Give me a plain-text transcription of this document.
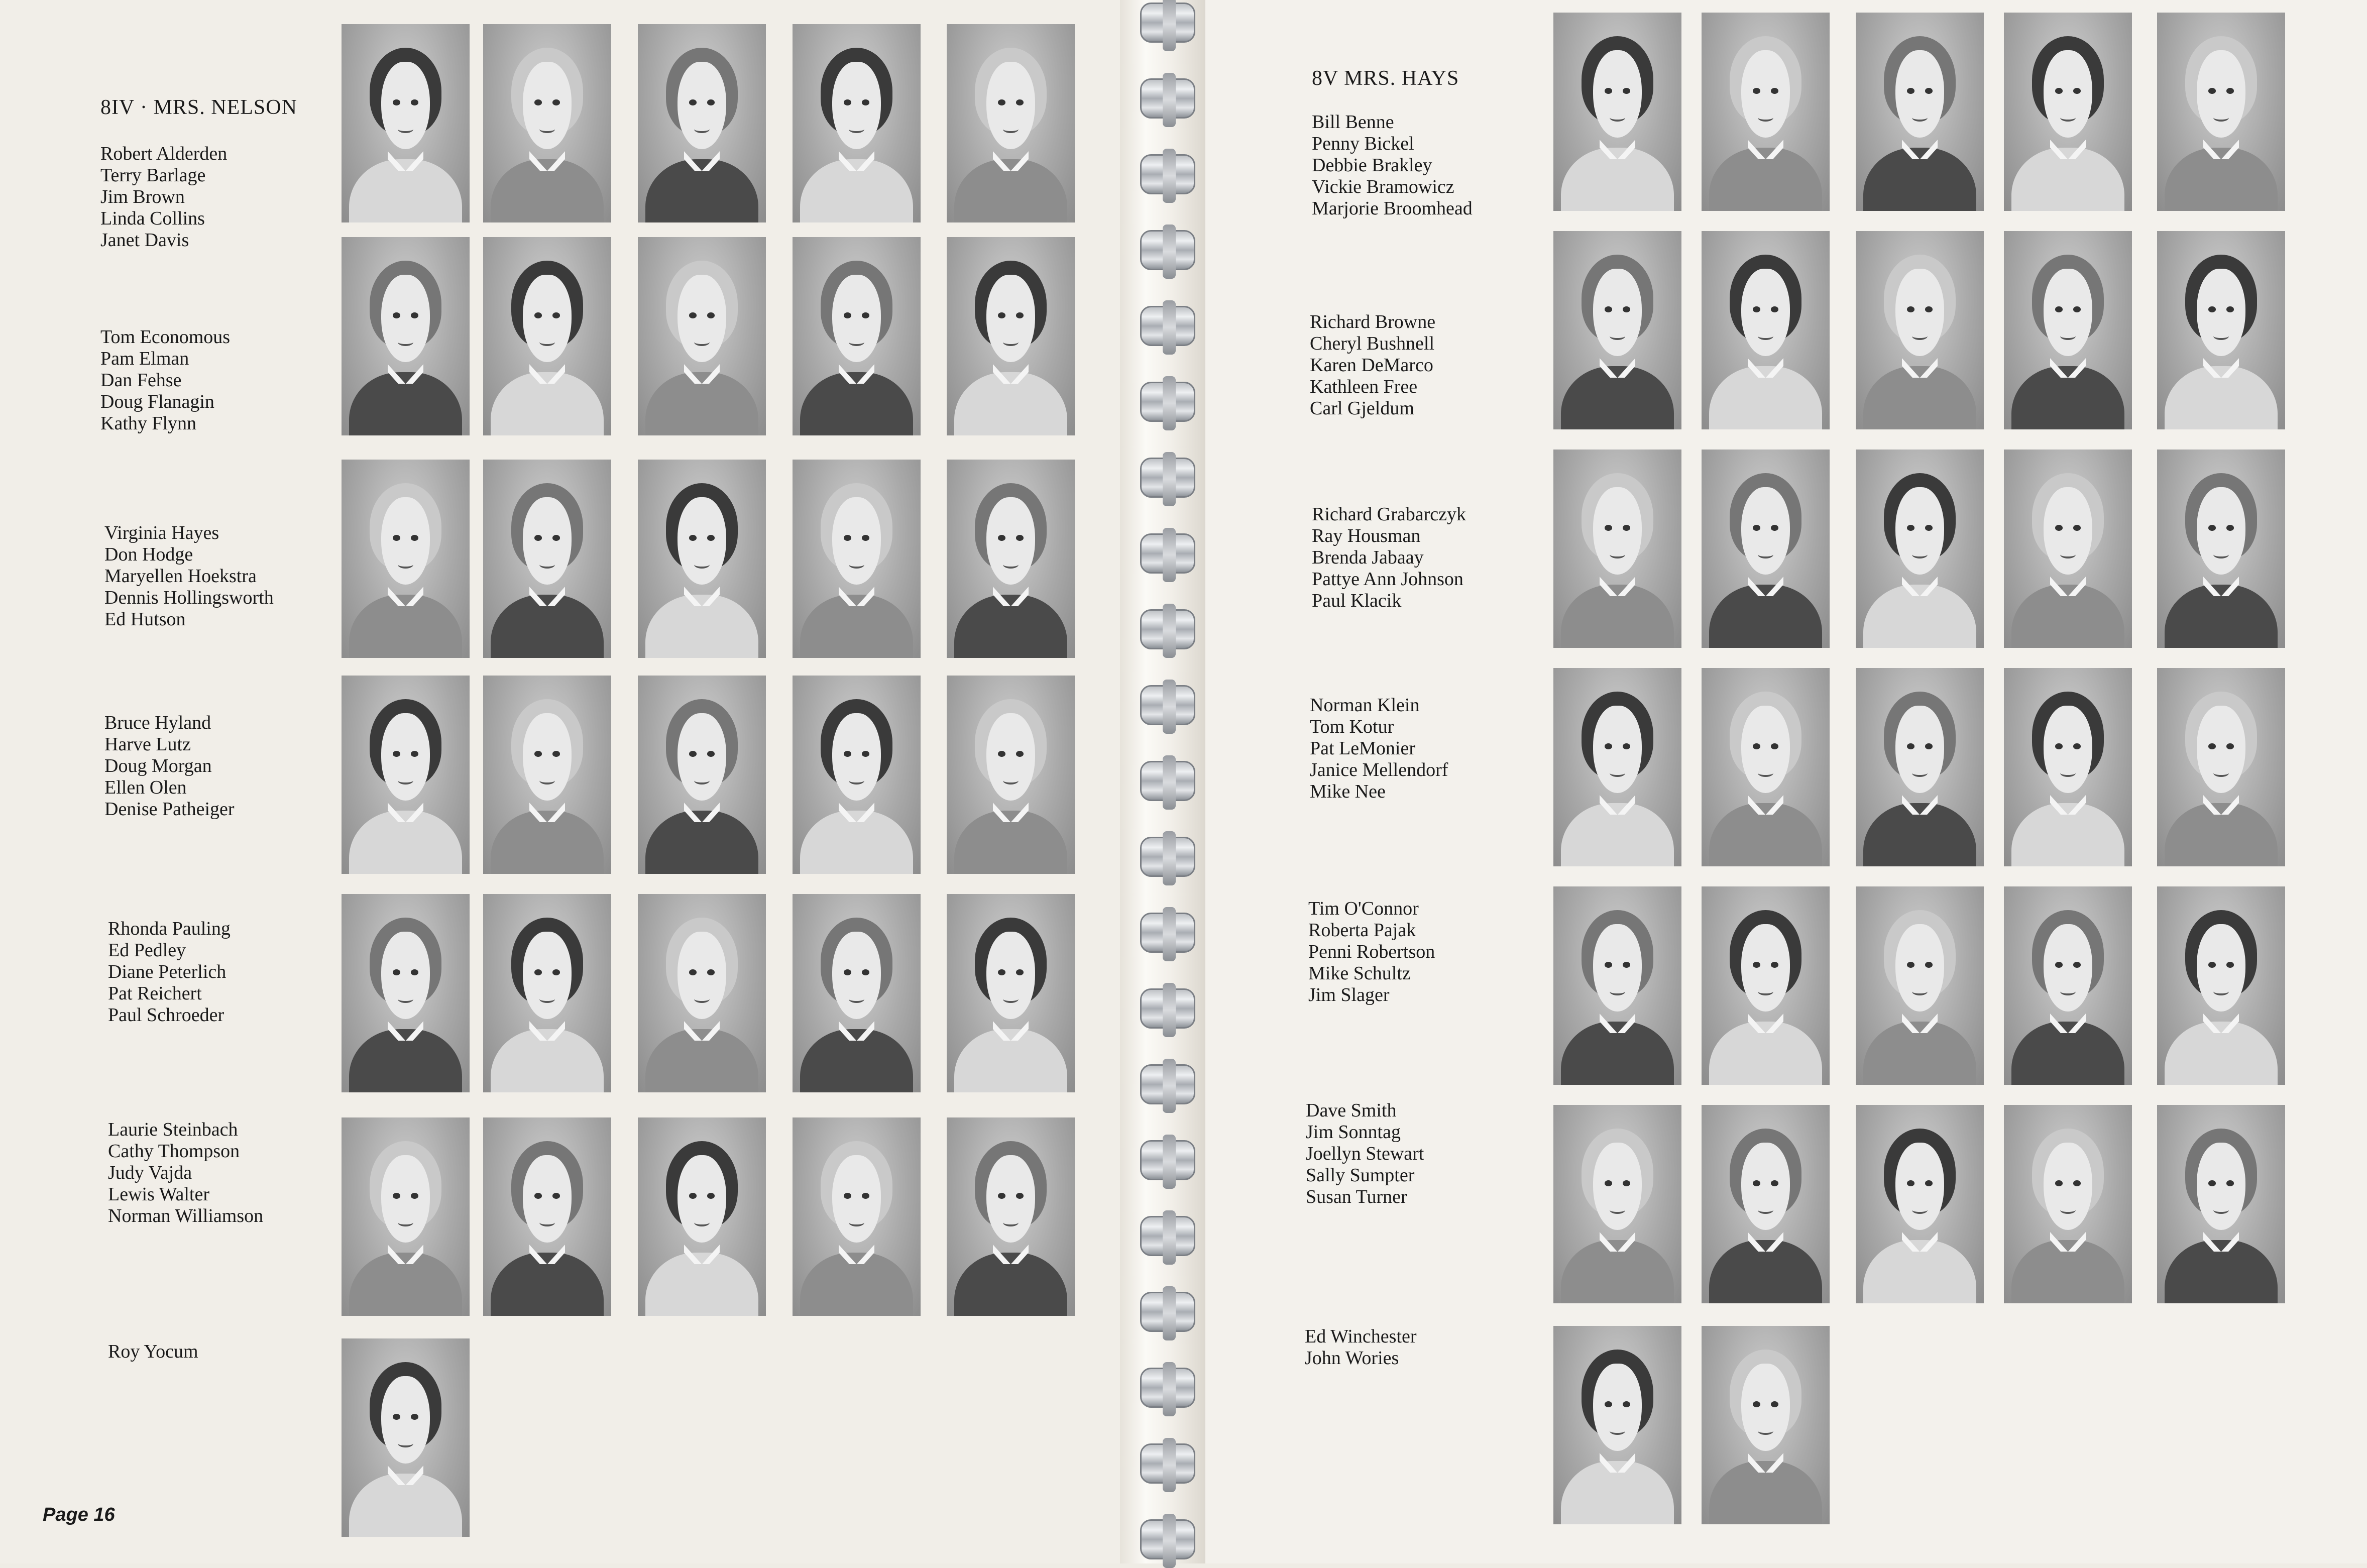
8IV · MRS. NELSON
8V MRS. HAYS

Page 16

Robert Alderden
Terry Barlage
Jim Brown
Linda Collins
Janet Davis
Tom Economous
Pam Elman
Dan Fehse
Doug Flanagin
Kathy Flynn
Virginia Hayes
Don Hodge
Maryellen Hoekstra
Dennis Hollingsworth
Ed Hutson
Bruce Hyland
Harve Lutz
Doug Morgan
Ellen Olen
Denise Patheiger
Rhonda Pauling
Ed Pedley
Diane Peterlich
Pat Reichert
Paul Schroeder
Laurie Steinbach
Cathy Thompson
Judy Vajda
Lewis Walter
Norman Williamson
Roy Yocum
Bill Benne
Penny Bickel
Debbie Brakley
Vickie Bramowicz
Marjorie Broomhead
Richard Browne
Cheryl Bushnell
Karen DeMarco
Kathleen Free
Carl Gjeldum
Richard Grabarczyk
Ray Housman
Brenda Jabaay
Pattye Ann Johnson
Paul Klacik
Norman Klein
Tom Kotur
Pat LeMonier
Janice Mellendorf
Mike Nee
Tim O'Connor
Roberta Pajak
Penni Robertson
Mike Schultz
Jim Slager
Dave Smith
Jim Sonntag
Joellyn Stewart
Sally Sumpter
Susan Turner
Ed Winchester
John Wories
